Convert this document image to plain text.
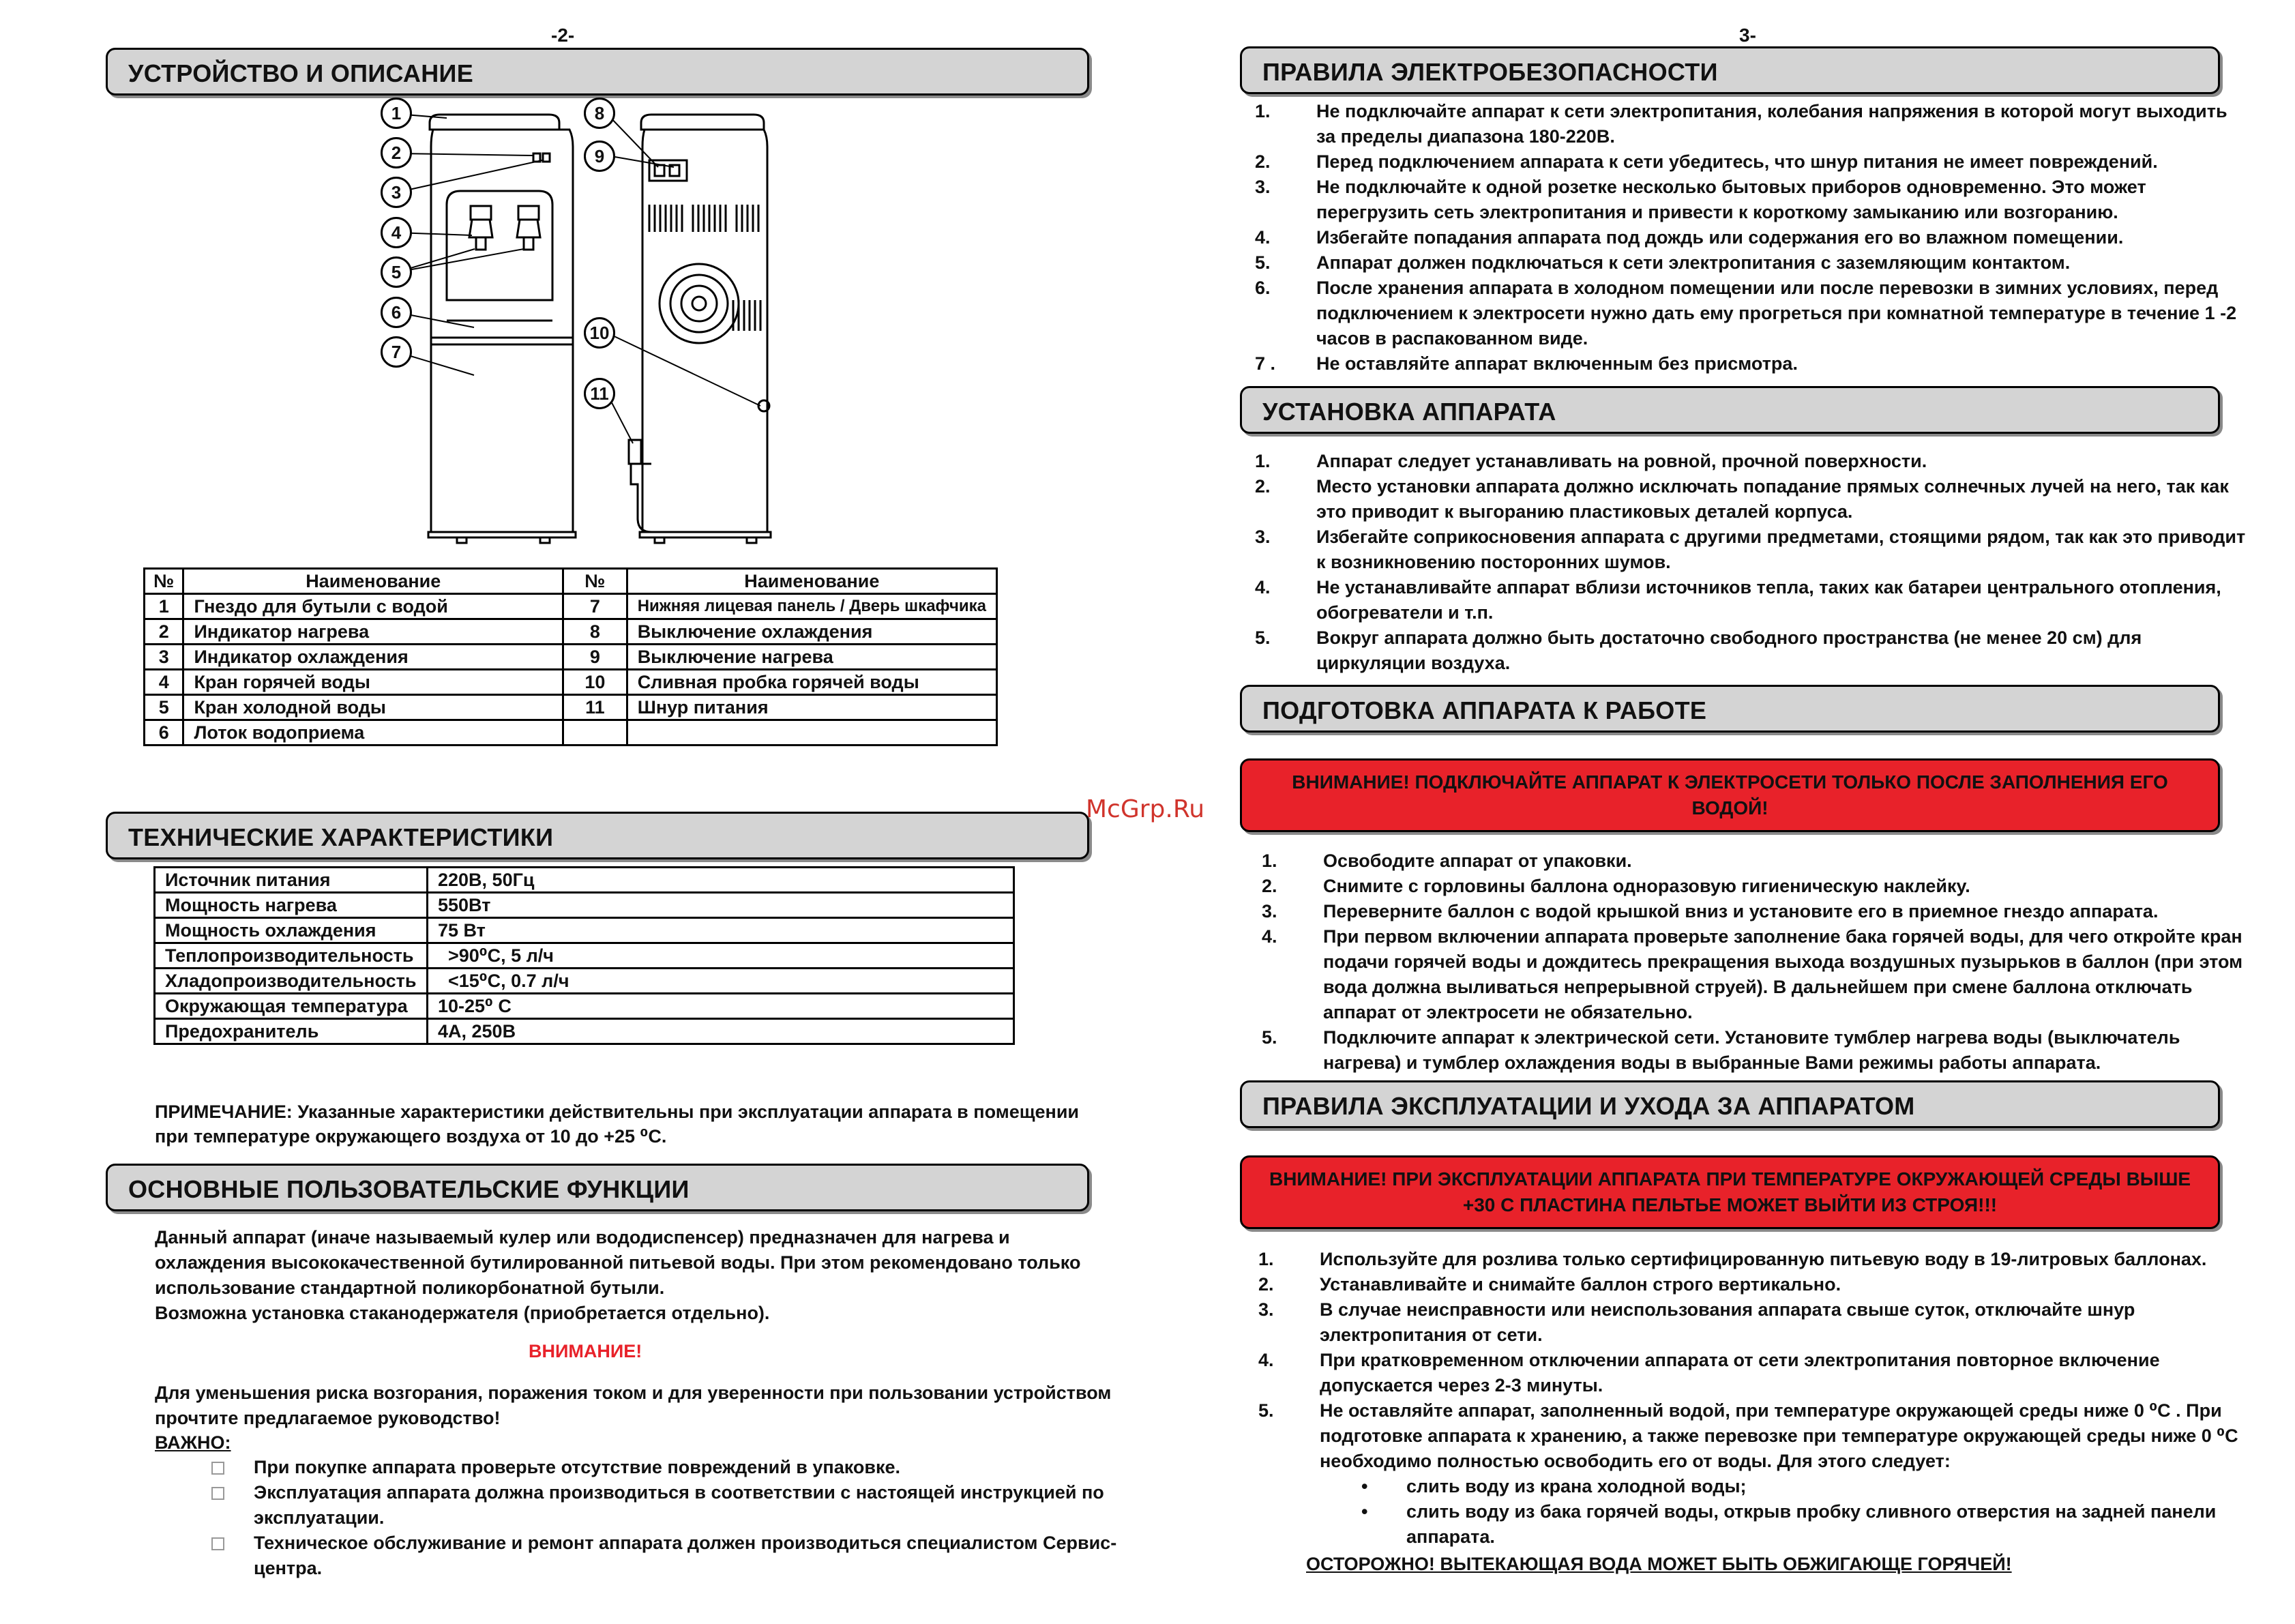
-2-
УСТРОЙСТВО И ОПИСАНИЕ
1
2
3
4
5
6
7
8
9
10
11
№	Наименование	№	Наименование
1	Гнездо для бутыли с водой	7	Нижняя лицевая панель / Дверь шкафчика
2	Индикатор нагрева	8	Выключение охлаждения
3	Индикатор охлаждения	9	Выключение нагрева
4	Кран горячей воды	10	Сливная пробка горячей воды
5	Кран холодной воды	11	Шнур питания
6	Лоток водоприема		
ТЕХНИЧЕСКИЕ ХАРАКТЕРИСТИКИ
Источник питания	220В, 50Гц
Мощность нагрева	550Вт
Мощность охлаждения	75 Вт
Теплопроизводительность	>90⁰С, 5 л/ч
Хладопроизводительность	<15⁰С, 0.7 л/ч
Окружающая температура	10-25⁰ С
Предохранитель	4А, 250В
ПРИМЕЧАНИЕ: Указанные характеристики действительны при эксплуатации аппарата в помещении
при температуре окружающего воздуха от 10 до +25 ⁰С.
ОСНОВНЫЕ ПОЛЬЗОВАТЕЛЬСКИЕ ФУНКЦИИ
Данный аппарат (иначе называемый кулер или вододиспенсер) предназначен для нагрева и
охлаждения высококачественной бутилированной питьевой воды. При этом рекомендовано только
использование стандартной поликорбонатной бутыли.
Возможна установка стаканодержателя (приобретается отдельно).
ВНИМАНИЕ!
Для уменьшения риска возгорания, поражения током и для уверенности при пользовании устройством
прочтите предлагаемое руководство!
ВАЖНО:
При покупке аппарата проверьте отсутствие повреждений в упаковке.
Эксплуатация аппарата должна производиться в соответствии с настоящей инструкцией по
эксплуатации.
Техническое обслуживание и ремонт аппарата должен производиться специалистом Сервис-
центра.
McGrp.Ru
3-
ПРАВИЛА ЭЛЕКТРОБЕЗОПАСНОСТИ
1. Не подключайте аппарат к сети электропитания, колебания напряжения в которой могут выходить
за пределы диапазона 180-220В.
2. Перед подключением аппарата к сети убедитесь, что шнур питания не имеет повреждений.
3. Не подключайте к одной розетке несколько бытовых приборов одновременно. Это может
перегрузить сеть электропитания и привести к короткому замыканию или возгоранию.
4. Избегайте попадания аппарата под дождь или содержания его во влажном помещении.
5. Аппарат должен подключаться к сети электропитания с заземляющим контактом.
6. После хранения аппарата в холодном помещении или после перевозки в зимних условиях, перед
подключением к электросети нужно дать ему прогреться при комнатной температуре в течение 1 -2
часов в распакованном виде.
7 . Не оставляйте аппарат включенным без присмотра.
УСТАНОВКА АППАРАТА
1. Аппарат следует устанавливать на ровной, прочной поверхности.
2. Место установки аппарата должно исключать попадание прямых солнечных лучей на него, так как
это приводит к выгоранию пластиковых деталей корпуса.
3. Избегайте соприкосновения аппарата с другими предметами, стоящими рядом, так как это приводит
к возникновению посторонних шумов.
4. Не устанавливайте аппарат вблизи источников тепла, таких как батареи центрального отопления,
обогреватели и т.п.
5. Вокруг аппарата должно быть достаточно свободного пространства (не менее 20 см) для
циркуляции воздуха.
ПОДГОТОВКА АППАРАТА К РАБОТЕ
ВНИМАНИЕ! ПОДКЛЮЧАЙТЕ АППАРАТ К ЭЛЕКТРОСЕТИ ТОЛЬКО ПОСЛЕ ЗАПОЛНЕНИЯ ЕГО
ВОДОЙ!
1. Освободите аппарат от упаковки.
2. Снимите с горловины баллона одноразовую гигиеническую наклейку.
3. Переверните баллон с водой крышкой вниз и установите его в приемное гнездо аппарата.
4. При первом включении аппарата проверьте заполнение бака горячей воды, для чего откройте кран
подачи горячей воды и дождитесь прекращения выхода воздушных пузырьков в баллон (при этом
вода должна выливаться непрерывной струей). В дальнейшем при смене баллона отключать
аппарат от электросети не обязательно.
5. Подключите аппарат к электрической сети. Установите тумблер нагрева воды (выключатель
нагрева) и тумблер охлаждения воды в выбранные Вами режимы работы аппарата.
ПРАВИЛА ЭКСПЛУАТАЦИИ И УХОДА ЗА АППАРАТОМ
ВНИМАНИЕ! ПРИ ЭКСПЛУАТАЦИИ АППАРАТА ПРИ ТЕМПЕРАТУРЕ ОКРУЖАЮЩЕЙ СРЕДЫ ВЫШЕ
+30 С ПЛАСТИНА ПЕЛЬТЬЕ МОЖЕТ ВЫЙТИ ИЗ СТРОЯ!!!
1. Используйте для розлива только сертифицированную питьевую воду в 19-литровых баллонах.
2. Устанавливайте и снимайте баллон строго вертикально.
3. В случае неисправности или неиспользования аппарата свыше суток, отключайте шнур
электропитания от сети.
4. При кратковременном отключении аппарата от сети электропитания повторное включение
допускается через 2-3 минуты.
5. Не оставляйте аппарат, заполненный водой, при температуре окружающей среды ниже 0 ⁰С . При
подготовке аппарата к хранению, а также перевозке при температуре окружающей среды ниже 0 ⁰С
необходимо полностью освободить его от воды. Для этого следует:
• слить воду из крана холодной воды;
• слить воду из бака горячей воды, открыв пробку сливного отверстия на задней панели
аппарата.
ОСТОРОЖНО! ВЫТЕКАЮЩАЯ ВОДА МОЖЕТ БЫТЬ ОБЖИГАЮЩЕ ГОРЯЧЕЙ!
